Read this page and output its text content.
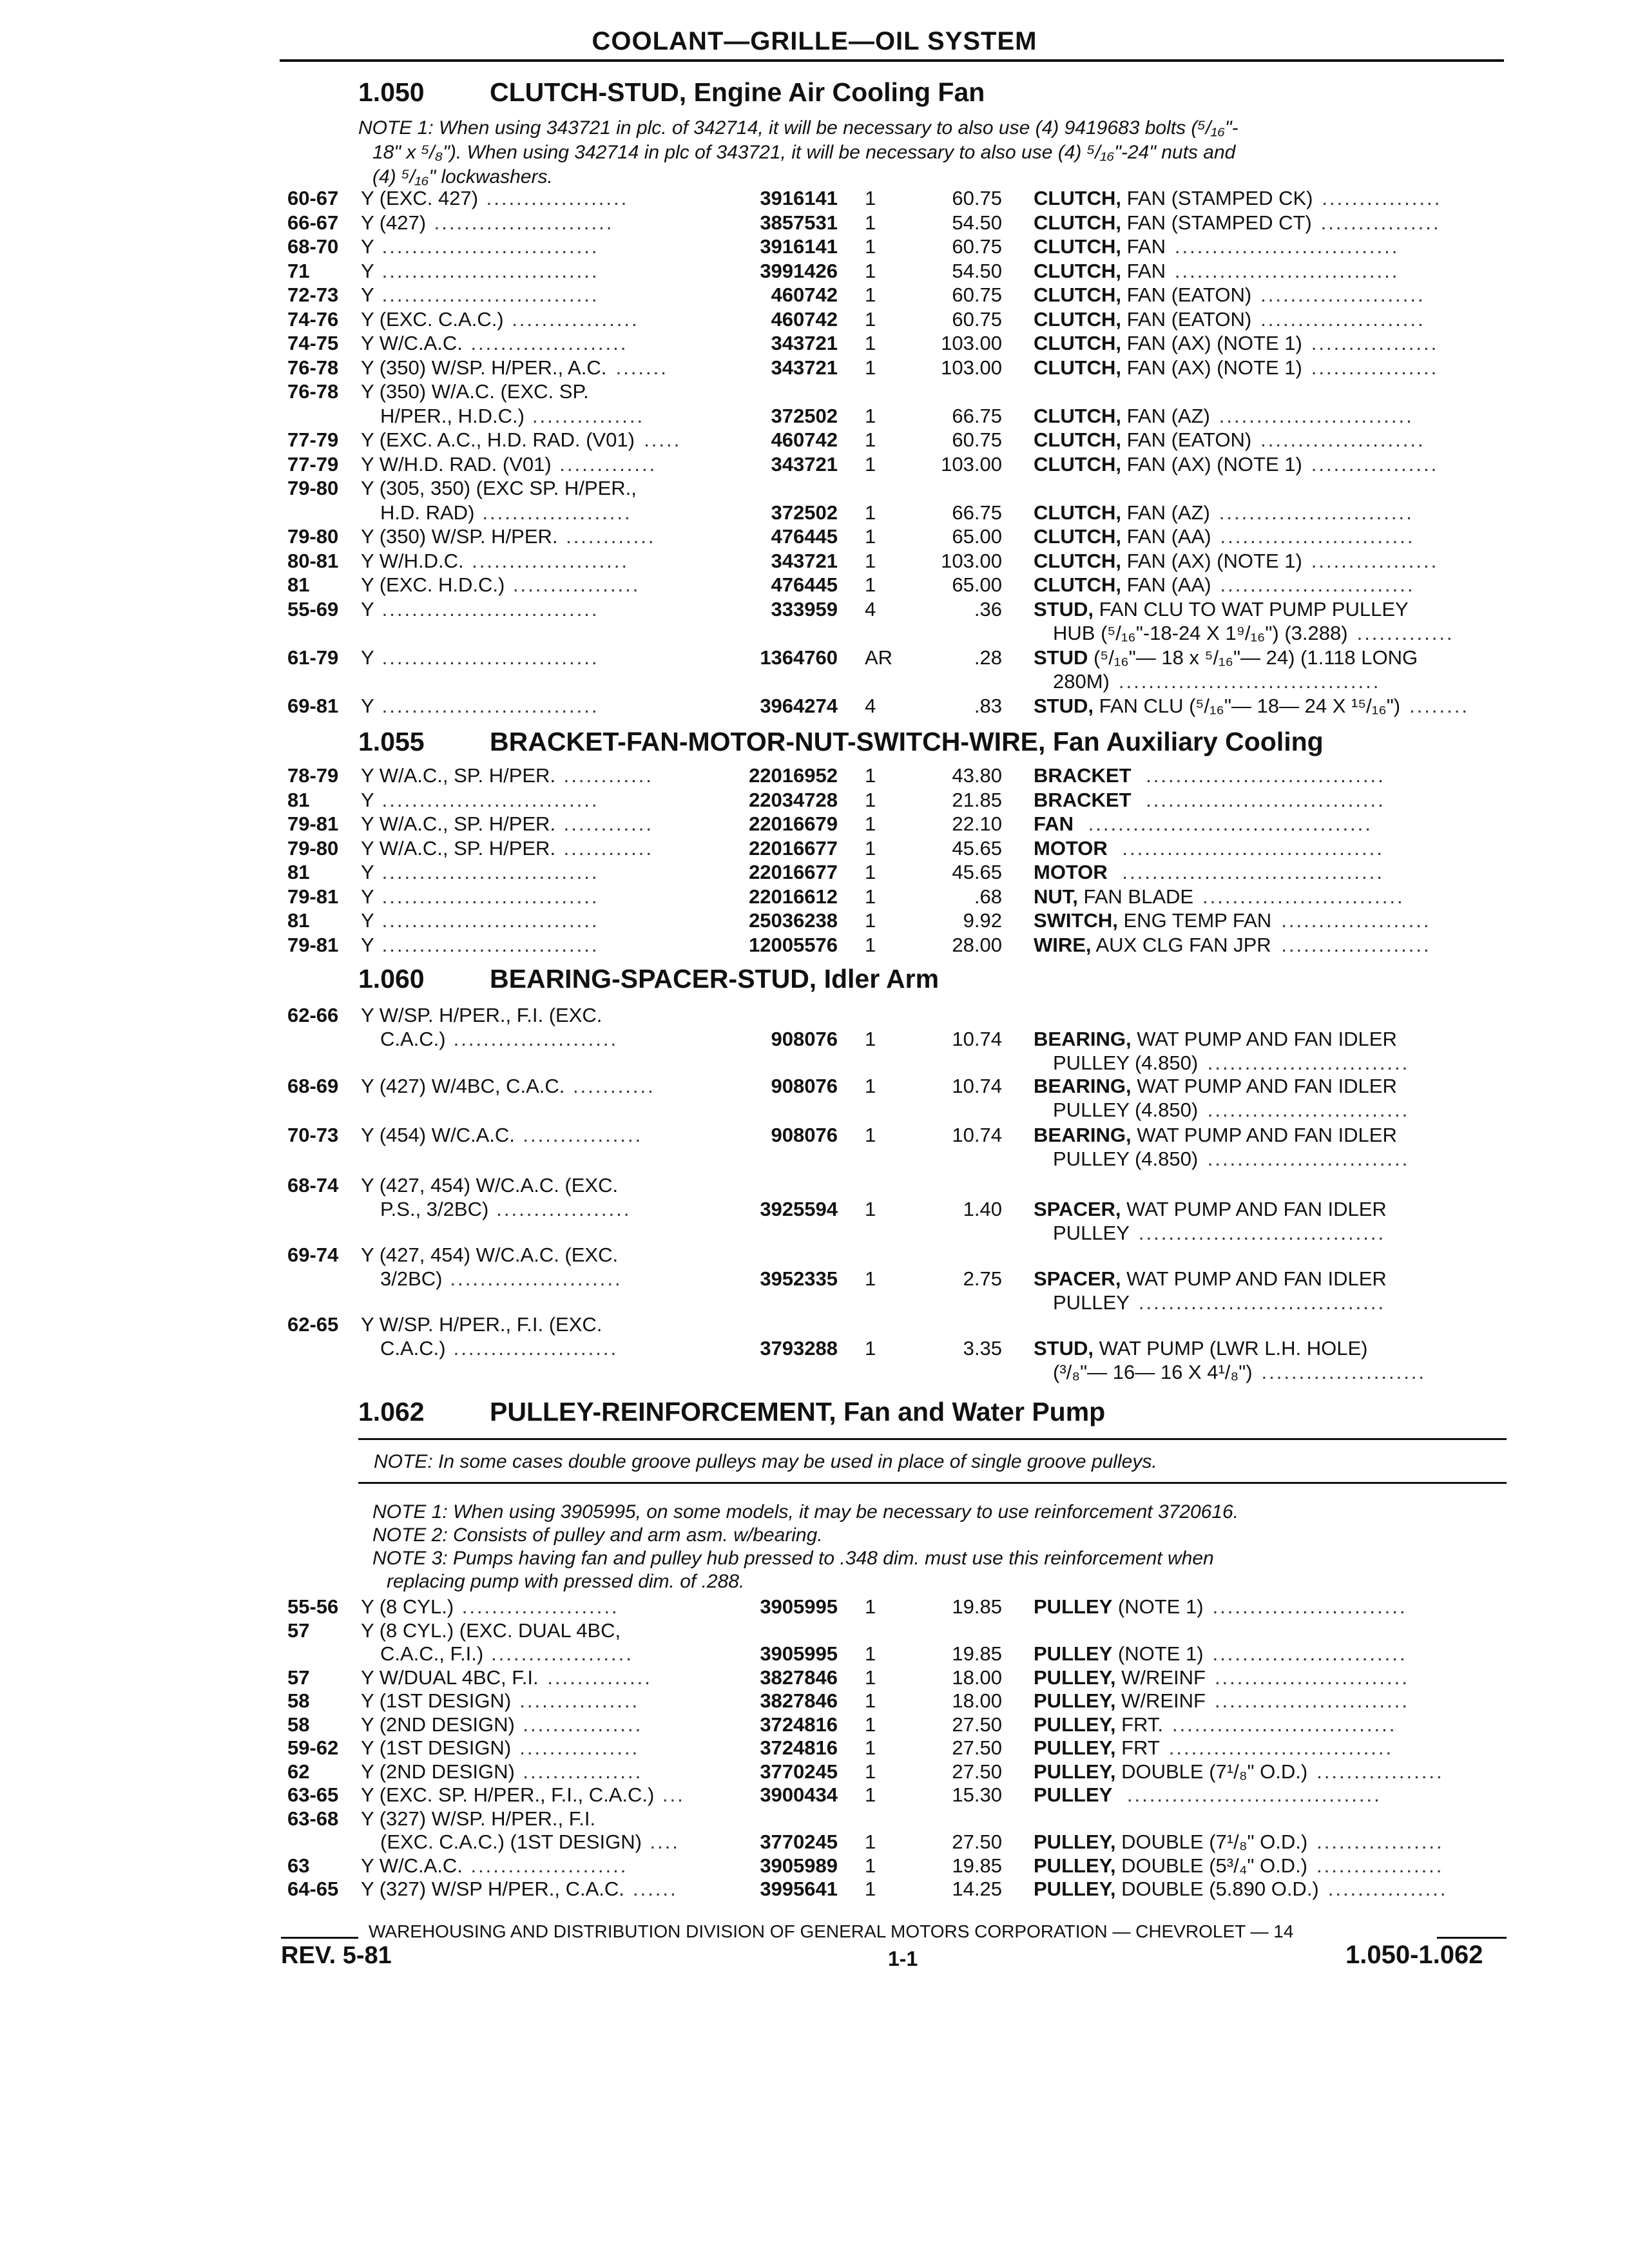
COOLANT—GRILLE—OIL SYSTEM
1.050 CLUTCH-STUD, Engine Air Cooling Fan
NOTE 1: When using 343721 in plc. of 342714, it will be necessary to also use (4) 9419683 bolts (⁵/₁₆"-
18" x ⁵/₈"). When using 342714 in plc of 343721, it will be necessary to also use (4) ⁵/₁₆"-24" nuts and
(4) ⁵/₁₆" lockwashers.
60-67 Y (EXC. 427) ...................	3916141 1	60.75 CLUTCH, FAN (STAMPED CK) ................
66-67 Y (427) ........................	3857531 1	54.50 CLUTCH, FAN (STAMPED CT) ................
68-70 Y .............................	3916141 1	60.75 CLUTCH, FAN ..............................
71	Y .............................	3991426 1	54.50 CLUTCH, FAN ..............................
72-73 Y .............................	460742 1	60.75 CLUTCH, FAN (EATON) ......................
74-76 Y (EXC. C.A.C.) .................	460742 1	60.75 CLUTCH, FAN (EATON) ......................
74-75 Y W/C.A.C. .....................	343721 1	103.00 CLUTCH, FAN (AX) (NOTE 1) .................
76-78 Y (350) W/SP. H/PER., A.C. .......	343721 1	103.00 CLUTCH, FAN (AX) (NOTE 1) .................
76-78 Y (350) W/A.C. (EXC. SP.
H/PER., H.D.C.) ...............	372502 1	66.75 CLUTCH, FAN (AZ) ..........................
77-79 Y (EXC. A.C., H.D. RAD. (V01) .....	460742 1	60.75 CLUTCH, FAN (EATON) ......................
77-79 Y W/H.D. RAD. (V01) .............	343721 1	103.00 CLUTCH, FAN (AX) (NOTE 1) .................
79-80 Y (305, 350) (EXC SP. H/PER.,
H.D. RAD) ....................	372502 1	66.75 CLUTCH, FAN (AZ) ..........................
79-80 Y (350) W/SP. H/PER. ............	476445 1	65.00 CLUTCH, FAN (AA) ..........................
80-81 Y W/H.D.C. .....................	343721 1	103.00 CLUTCH, FAN (AX) (NOTE 1) .................
81	Y (EXC. H.D.C.) .................	476445 1	65.00 CLUTCH, FAN (AA) ..........................
55-69 Y .............................	333959 4	.36 STUD, FAN CLU TO WAT PUMP PULLEY
HUB (⁵/₁₆"-18-24 X 1⁹/₁₆") (3.288) .............
61-79 Y .............................	1364760 AR	.28 STUD (⁵/₁₆"— 18 x ⁵/₁₆"— 24) (1.118 LONG
280M) ...................................
69-81 Y .............................	3964274 4	.83 STUD, FAN CLU (⁵/₁₆"— 18— 24 X ¹⁵/₁₆") ........
1.055 BRACKET-FAN-MOTOR-NUT-SWITCH-WIRE, Fan Auxiliary Cooling
78-79 Y W/A.C., SP. H/PER. ............	22016952 1	43.80 BRACKET ................................
81	Y .............................	22034728 1	21.85 BRACKET ................................
79-81 Y W/A.C., SP. H/PER. ............	22016679 1	22.10 FAN ......................................
79-80 Y W/A.C., SP. H/PER. ............	22016677 1	45.65 MOTOR ...................................
81	Y .............................	22016677 1	45.65 MOTOR ...................................
79-81 Y .............................	22016612 1	.68 NUT, FAN BLADE ...........................
81	Y .............................	25036238 1	9.92 SWITCH, ENG TEMP FAN ....................
79-81 Y .............................	12005576 1	28.00 WIRE, AUX CLG FAN JPR ....................
1.060 BEARING-SPACER-STUD, Idler Arm
62-66 Y W/SP. H/PER., F.I. (EXC.
C.A.C.) ......................	908076 1	10.74 BEARING, WAT PUMP AND FAN IDLER
PULLEY (4.850) ...........................
68-69 Y (427) W/4BC, C.A.C. ...........	908076 1	10.74 BEARING, WAT PUMP AND FAN IDLER
PULLEY (4.850) ...........................
70-73 Y (454) W/C.A.C. ................	908076 1	10.74 BEARING, WAT PUMP AND FAN IDLER
PULLEY (4.850) ...........................
68-74 Y (427, 454) W/C.A.C. (EXC.
P.S., 3/2BC) ..................	3925594 1	1.40 SPACER, WAT PUMP AND FAN IDLER
PULLEY .................................
69-74 Y (427, 454) W/C.A.C. (EXC.
3/2BC) .......................	3952335 1	2.75 SPACER, WAT PUMP AND FAN IDLER
PULLEY .................................
62-65 Y W/SP. H/PER., F.I. (EXC.
C.A.C.) ......................	3793288 1	3.35 STUD, WAT PUMP (LWR L.H. HOLE)
(³/₈"— 16— 16 X 4¹/₈") ......................
1.062 PULLEY-REINFORCEMENT, Fan and Water Pump
NOTE: In some cases double groove pulleys may be used in place of single groove pulleys.
NOTE 1: When using 3905995, on some models, it may be necessary to use reinforcement 3720616.
NOTE 2: Consists of pulley and arm asm. w/bearing.
NOTE 3: Pumps having fan and pulley hub pressed to .348 dim. must use this reinforcement when
replacing pump with pressed dim. of .288.
55-56 Y (8 CYL.) .....................	3905995 1	19.85 PULLEY (NOTE 1) ..........................
57	Y (8 CYL.) (EXC. DUAL 4BC,
C.A.C., F.I.) ...................	3905995 1	19.85 PULLEY (NOTE 1) ..........................
57	Y W/DUAL 4BC, F.I. ..............	3827846 1	18.00 PULLEY, W/REINF ..........................
58	Y (1ST DESIGN) ................	3827846 1	18.00 PULLEY, W/REINF ..........................
58	Y (2ND DESIGN) ................	3724816 1	27.50 PULLEY, FRT. ..............................
59-62 Y (1ST DESIGN) ................	3724816 1	27.50 PULLEY, FRT ..............................
62	Y (2ND DESIGN) ................	3770245 1	27.50 PULLEY, DOUBLE (7¹/₈" O.D.) .................
63-65 Y (EXC. SP. H/PER., F.I., C.A.C.) ...	3900434 1	15.30 PULLEY ..................................
63-68 Y (327) W/SP. H/PER., F.I.
(EXC. C.A.C.) (1ST DESIGN) ....	3770245 1	27.50 PULLEY, DOUBLE (7¹/₈" O.D.) .................
63	Y W/C.A.C. .....................	3905989 1	19.85 PULLEY, DOUBLE (5³/₄" O.D.) .................
64-65 Y (327) W/SP H/PER., C.A.C. ......	3995641 1	14.25 PULLEY, DOUBLE (5.890 O.D.) ................
WAREHOUSING AND DISTRIBUTION DIVISION OF GENERAL MOTORS CORPORATION — CHEVROLET — 14
REV. 5-81	1-1	1.050-1.062
